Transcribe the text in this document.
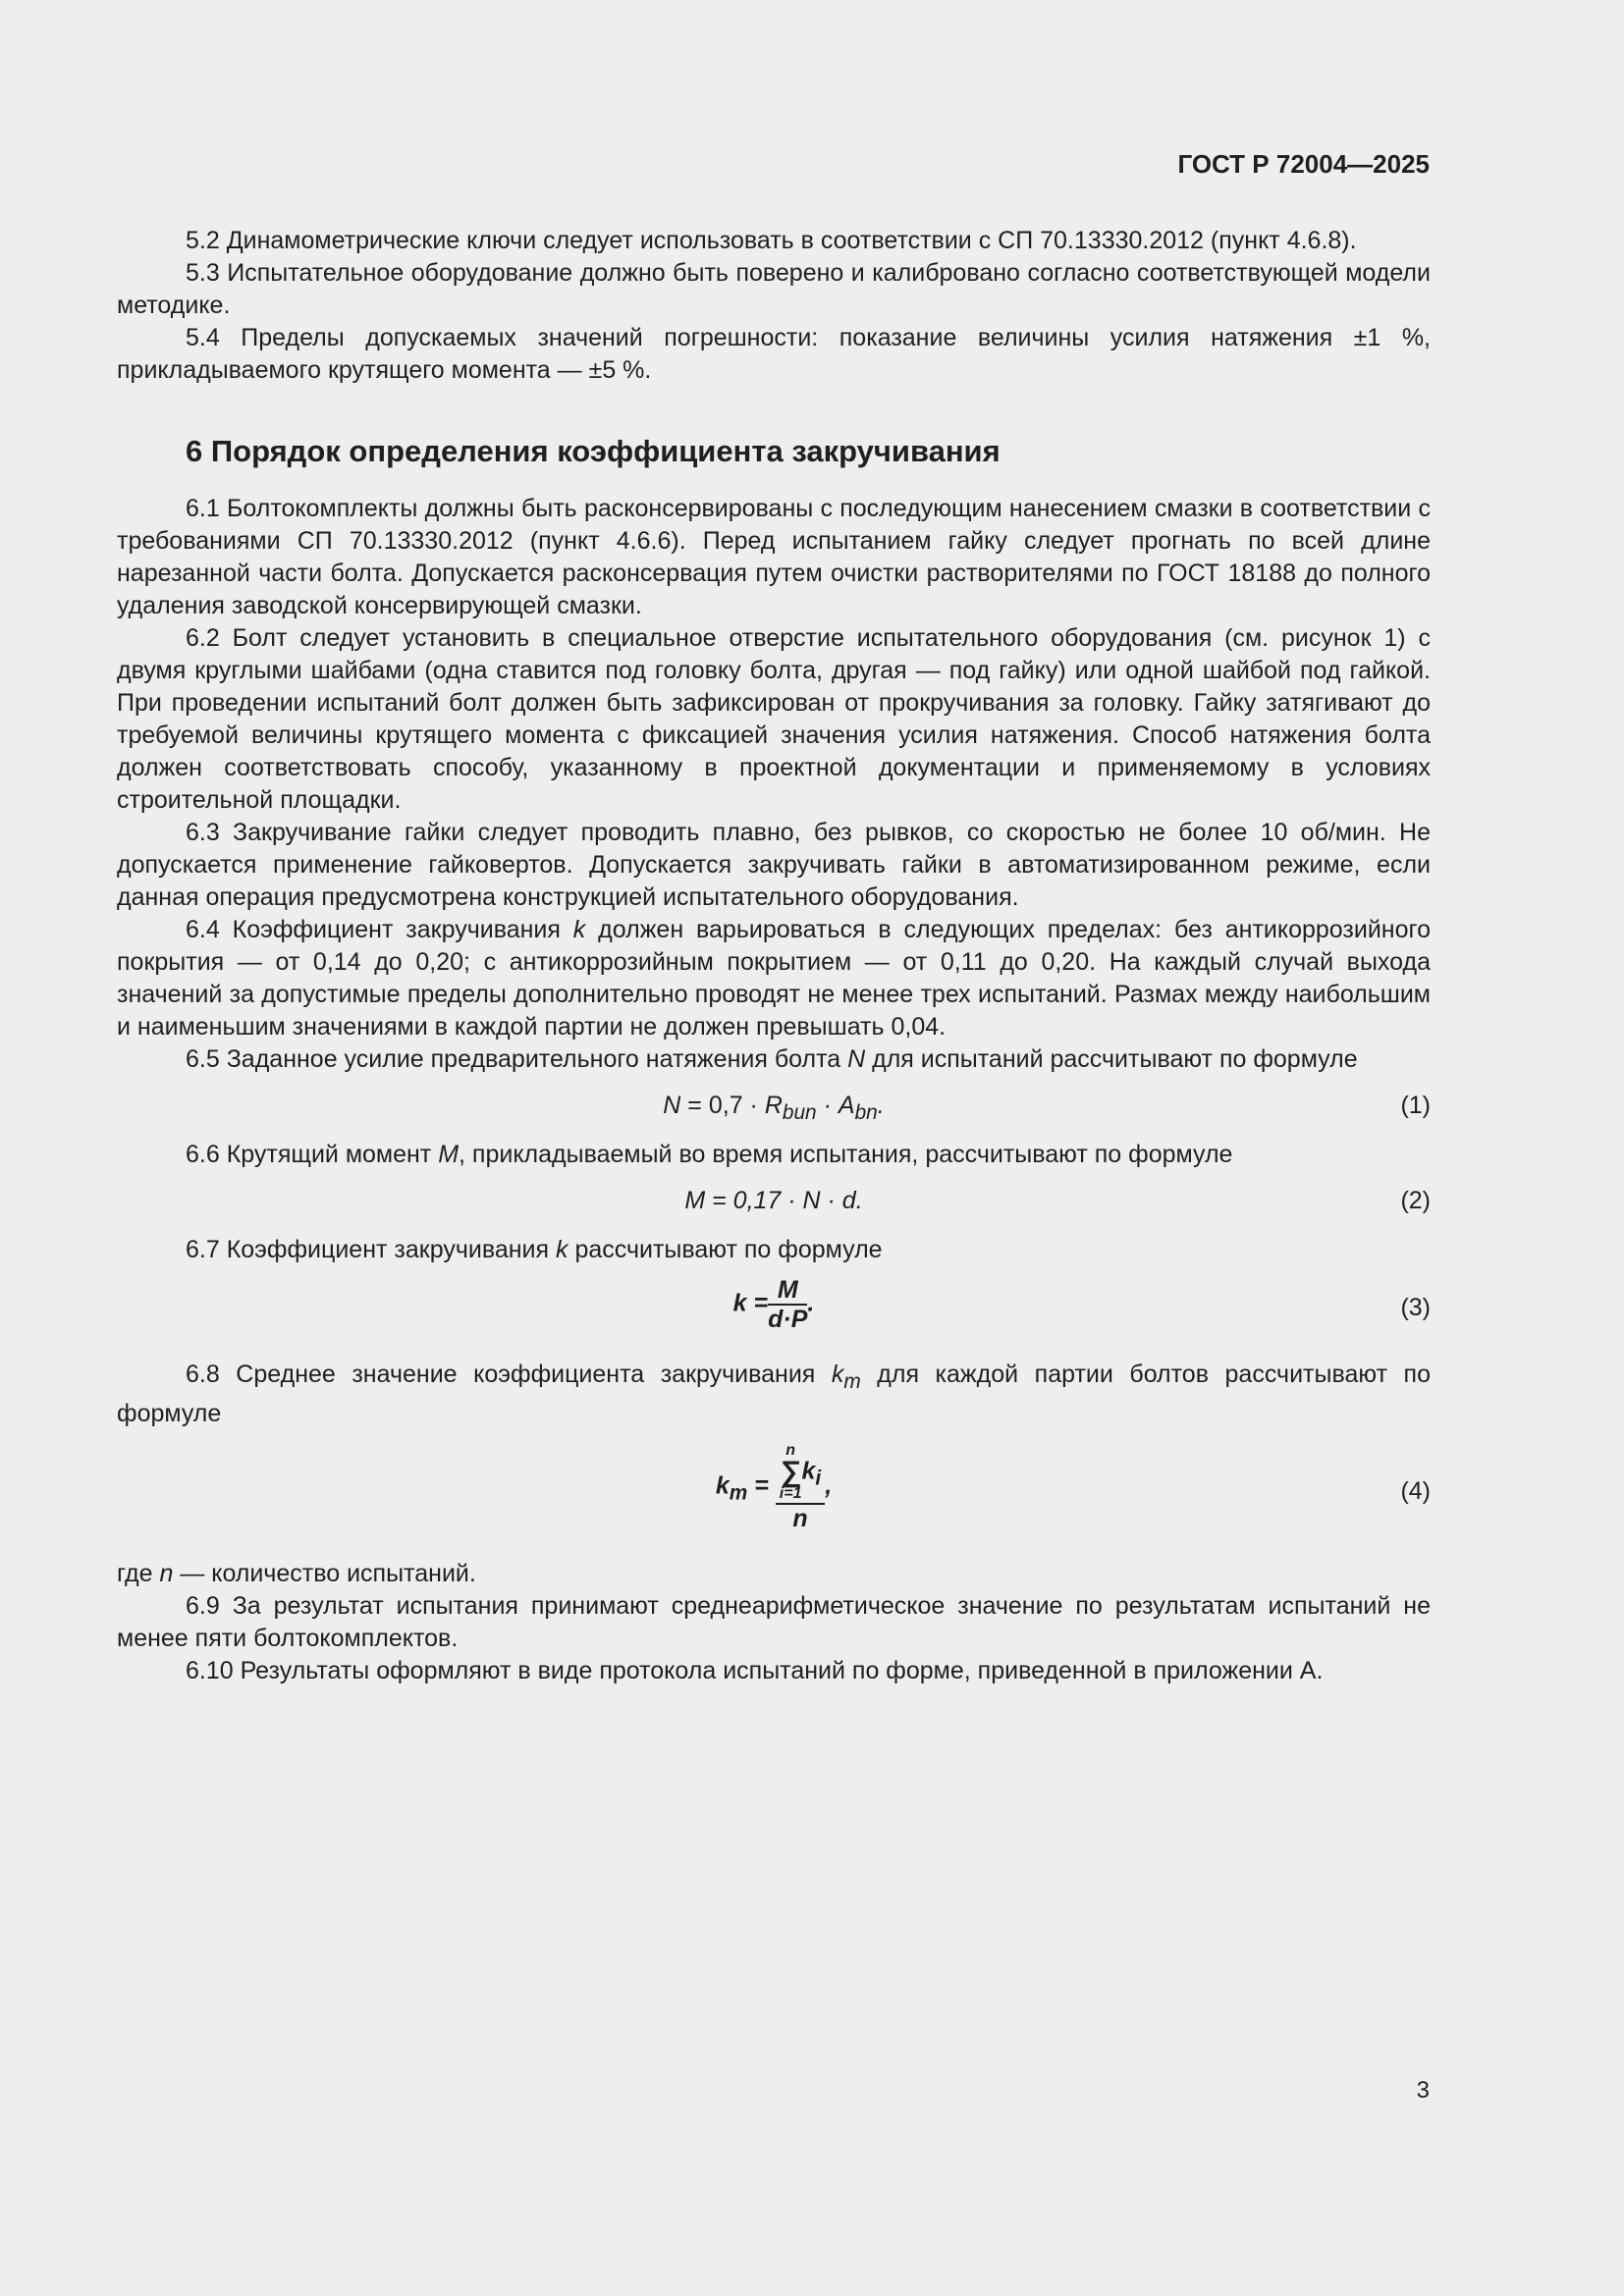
ГОСТ Р 72004—2025

5.2 Динамометрические ключи следует использовать в соответствии с СП 70.13330.2012 (пункт 4.6.8).

5.3 Испытательное оборудование должно быть поверено и калибровано согласно соответствующей модели методике.

5.4 Пределы допускаемых значений погрешности: показание величины усилия натяжения ±1 %, прикладываемого крутящего момента — ±5 %.

6 Порядок определения коэффициента закручивания

6.1 Болтокомплекты должны быть расконсервированы с последующим нанесением смазки в соответствии с требованиями СП 70.13330.2012 (пункт 4.6.6). Перед испытанием гайку следует прогнать по всей длине нарезанной части болта. Допускается расконсервация путем очистки растворителями по ГОСТ 18188 до полного удаления заводской консервирующей смазки.

6.2 Болт следует установить в специальное отверстие испытательного оборудования (см. рисунок 1) с двумя круглыми шайбами (одна ставится под головку болта, другая — под гайку) или одной шайбой под гайкой. При проведении испытаний болт должен быть зафиксирован от прокручивания за головку. Гайку затягивают до требуемой величины крутящего момента с фиксацией значения усилия натяжения. Способ натяжения болта должен соответствовать способу, указанному в проектной документации и применяемому в условиях строительной площадки.

6.3 Закручивание гайки следует проводить плавно, без рывков, со скоростью не более 10 об/мин. Не допускается применение гайковертов. Допускается закручивать гайки в автоматизированном режиме, если данная операция предусмотрена конструкцией испытательного оборудования.

6.4 Коэффициент закручивания k должен варьироваться в следующих пределах: без антикоррозийного покрытия — от 0,14 до 0,20; с антикоррозийным покрытием — от 0,11 до 0,20. На каждый случай выхода значений за допустимые пределы дополнительно проводят не менее трех испытаний. Размах между наибольшим и наименьшим значениями в каждой партии не должен превышать 0,04.

6.5 Заданное усилие предварительного натяжения болта N для испытаний рассчитывают по формуле

$N = 0,7 \cdot R_{bun} \cdot A_{bn}$.	(1)

6.6 Крутящий момент M, прикладываемый во время испытания, рассчитывают по формуле

M = 0,17 · N · d.	(2)

6.7 Коэффициент закручивания k рассчитывают по формуле

$k = \frac{M}{d\cdot P}$ .	(3)

6.8 Среднее значение коэффициента закручивания $k_m$ для каждой партии болтов рассчитывают по формуле

$k_m = n$
∑
i=1
$k_i$
n ,	(4)

где n — количество испытаний.

6.9 За результат испытания принимают среднеарифметическое значение по результатам испытаний не менее пяти болтокомплектов.

6.10 Результаты оформляют в виде протокола испытаний по форме, приведенной в приложении А.

3
